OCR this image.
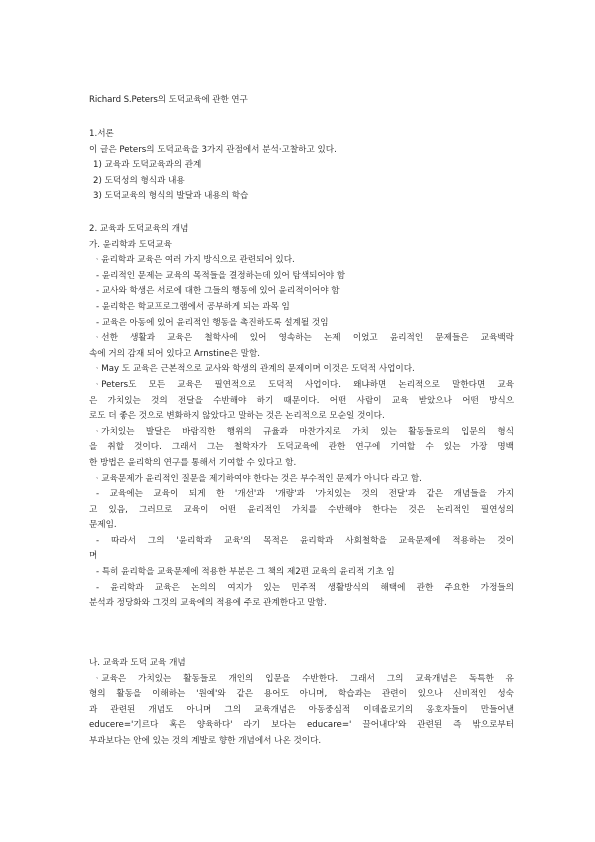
Richard S.Peters의 도덕교육에 관한 연구
1.서론
이 글은 Peters의 도덕교육을 3가지 관점에서 분석·고찰하고 있다.
1) 교육과 도덕교육과의 관계
2) 도덕성의 형식과 내용
3) 도덕교육의 형식의 발달과 내용의 학습
2. 교육과 도덕교육의 개념
가. 윤리학과 도덕교육
ᆞ윤리학과 교육은 여러 가지 방식으로 관련되어 있다.
- 윤리적인 문제는 교육의 목적들을 결정하는데 있어 탐색되어야 함
- 교사와 학생은 서로에 대한 그들의 행동에 있어 윤리적이어야 함
- 윤리학은 학교프로그램에서 공부하게 되는 과목 임
- 교육은 아동에 있어 윤리적인 행동을 촉진하도록 설계될 것임
ᆞ선한 생활과 교육은 철학사에 있어 영속하는 논제 이었고 윤리적인 문제들은 교육백락
속에 거의 감재 되어 있다고 Arnstine은 말함.
ᆞMay 도 교육은 근본적으로 교사와 학생의 관계의 문제이며 이것은 도덕적 사업이다.
ᆞPeters도 모든 교육은 필연적으로 도덕적 사업이다. 왜냐하면 논리적으로 말한다면 교육
은 가치있는 것의 전달을 수반해야 하기 때문이다. 어떤 사람이 교육 받았으나 어떤 방식으
로도 더 좋은 것으로 변화하지 않았다고 말하는 것은 논리적으로 모순일 것이다.
ᆞ가치있는 발달은 바람직한 행위의 규율과 마찬가지로 가치 있는 활동들로의 입문의 형식
을 취할 것이다. 그래서 그는 철학자가 도덕교육에 관한 연구에 기여할 수 있는 가장 명백
한 방법은 윤리학의 연구를 통해서 기여할 수 있다고 함.
ᆞ교육문제가 윤리적인 질문을 제기하여야 한다는 것은 부수적인 문제가 아니다 라고 함.
- 교육에는 교육이 되게 한 '개선'과 '개량'과 '가치있는 것의 전달'과 같은 개념들을 가지
고 있음, 그러므로 교육이 어떤 윤리적인 가치를 수반해야 한다는 것은 논리적인 필연성의
문제임.
- 따라서 그의 '윤리학과 교육'의 목적은 윤리학과 사회철학을 교육문제에 적용하는 것이
며
- 특히 윤리학을 교육문제에 적용한 부분은 그 책의 제2편 교육의 윤리적 기초 임
- 윤리학과 교육은 논의의 여지가 있는 민주적 생활방식의 해택에 관한 주요한 가정들의
분석과 정당화와 그것의 교육에의 적용에 주로 관계한다고 말함.
나. 교육과 도덕 교육 개념
ᆞ교육은 가치있는 활동들로 개인의 입문을 수반한다. 그래서 그의 교육개념은 독특한 유
형의 활동을 이해하는 '원예'와 같은 용어도 아니며, 학습과는 관련이 있으나 신비적인 성숙
과 관련된 개념도 아니며 그의 교육개념은 아동중심적 이데올로기의 옹호자들이 만들어낸
educere='기르다 혹은 양육하다' 라기 보다는 educare=' 끌어내다'와 관련된 즉 밖으로부터
부과보다는 안에 있는 것의 계발로 향한 개념에서 나온 것이다.
